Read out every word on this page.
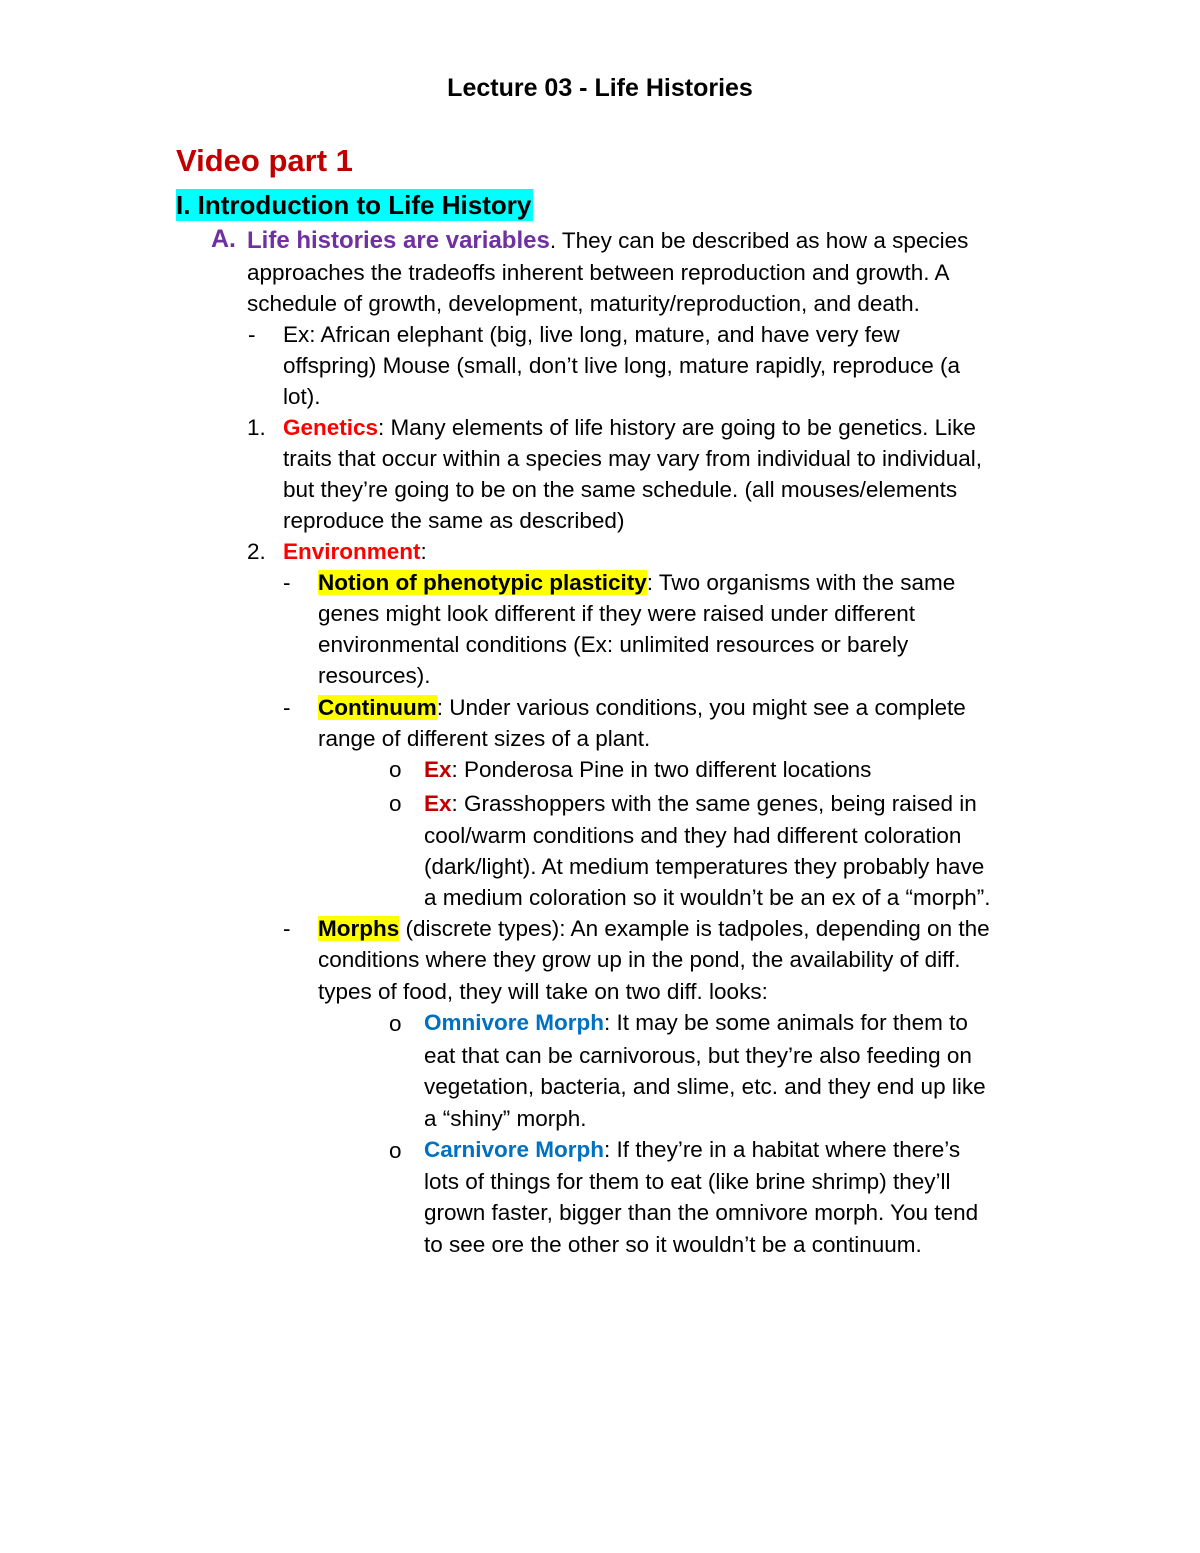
Lecture 03 - Life Histories
Video part 1
I. Introduction to Life History
A. Life histories are variables. They can be described as how a species
approaches the tradeoffs inherent between reproduction and growth. A
schedule of growth, development, maturity/reproduction, and death.
- Ex: African elephant (big, live long, mature, and have very few
offspring) Mouse (small, don’t live long, mature rapidly, reproduce (a
lot).
1. Genetics: Many elements of life history are going to be genetics. Like
traits that occur within a species may vary from individual to individual,
but they’re going to be on the same schedule. (all mouses/elements
reproduce the same as described)
2. Environment:
- Notion of phenotypic plasticity: Two organisms with the same
genes might look different if they were raised under different
environmental conditions (Ex: unlimited resources or barely
resources).
- Continuum: Under various conditions, you might see a complete
range of different sizes of a plant.
o Ex: Ponderosa Pine in two different locations
o Ex: Grasshoppers with the same genes, being raised in
cool/warm conditions and they had different coloration
(dark/light). At medium temperatures they probably have
a medium coloration so it wouldn’t be an ex of a “morph”.
- Morphs (discrete types): An example is tadpoles, depending on the
conditions where they grow up in the pond, the availability of diff.
types of food, they will take on two diff. looks:
o Omnivore Morph: It may be some animals for them to
eat that can be carnivorous, but they’re also feeding on
vegetation, bacteria, and slime, etc. and they end up like
a “shiny” morph.
o Carnivore Morph: If they’re in a habitat where there’s
lots of things for them to eat (like brine shrimp) they’ll
grown faster, bigger than the omnivore morph. You tend
to see ore the other so it wouldn’t be a continuum.
